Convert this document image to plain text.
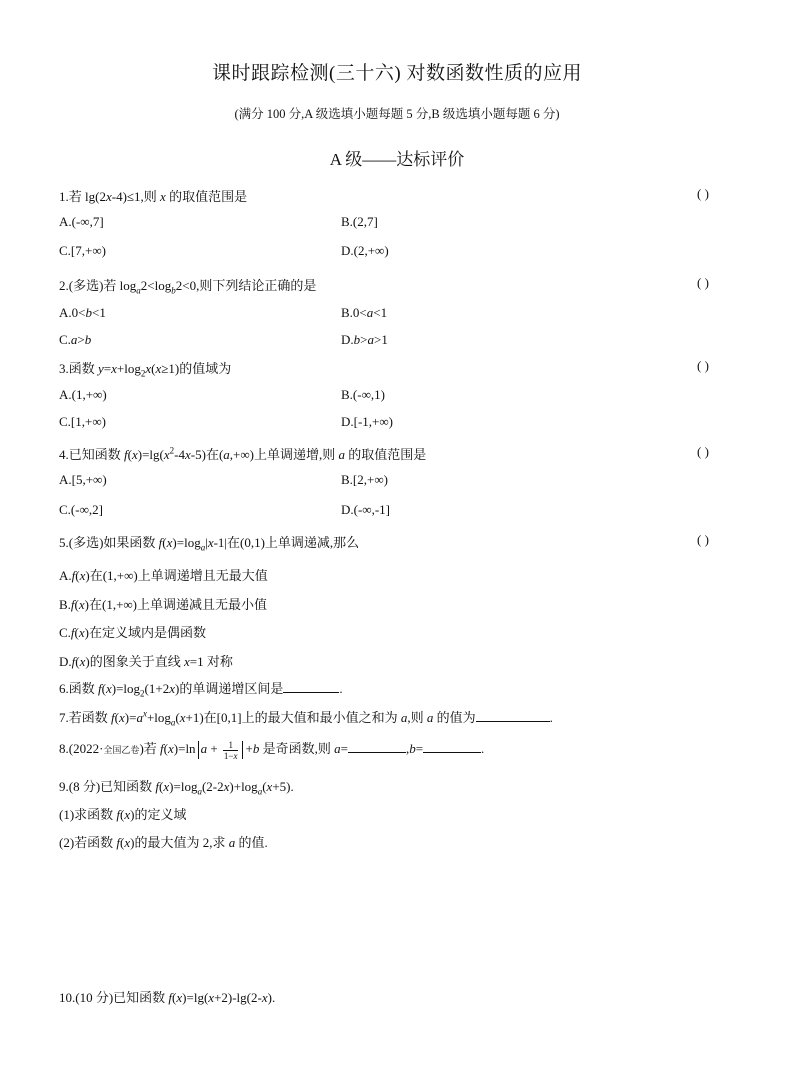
课时跟踪检测(三十六) 对数函数性质的应用
(满分 100 分,A 级选填小题每题 5 分,B 级选填小题每题 6 分)
A 级——达标评价
1.若 lg(2x-4)≤1,则 x 的取值范围是	( )
A.(-∞,7]	B.(2,7]
C.[7,+∞)	D.(2,+∞)
2.(多选)若 $\log_a2<\log_b2<0$,则下列结论正确的是	( )
A.0<b<1	B.0<a<1
C.a>b	D.b>a>1
3.函数 $y=x+\log_2x(x\ge 1)$的值域为	( )
A.(1,+∞)	B.(-∞,1)
C.[1,+∞)	D.[-1,+∞)
4.已知函数 $f(x)=\lg(x^2-4x-5)$在(a,+∞)上单调递增,则 a 的取值范围是	( )
A.[5,+∞)	B.[2,+∞)
C.(-∞,2]	D.(-∞,-1]
5.(多选)如果函数 $f(x)=\log_a|x-1|$在(0,1)上单调递减,那么	( )
A.f(x)在(1,+∞)上单调递增且无最大值
B.f(x)在(1,+∞)上单调递减且无最小值
C.f(x)在定义域内是偶函数
D.f(x)的图象关于直线 x=1 对称
6.函数 $f(x)=\log_2(1+2x)$的单调递增区间是	.
7.若函数 $f(x)=a^x+\log_a(x+1)$在[0,1]上的最大值和最小值之和为 a,则 a 的值为	.
8.(2022·全国乙卷)若 f(x)=ln $a + \frac{1}{1-x} +b$ 是奇函数,则 a=	,b=	.
9.(8 分)已知函数 $f(x)=\log_a(2-2x)+\log_a(x+5)$.
(1)求函数 f(x)的定义域
(2)若函数 f(x)的最大值为 2,求 a 的值.
10.(10 分)已知函数 f(x)=lg(x+2)-lg(2-x).
